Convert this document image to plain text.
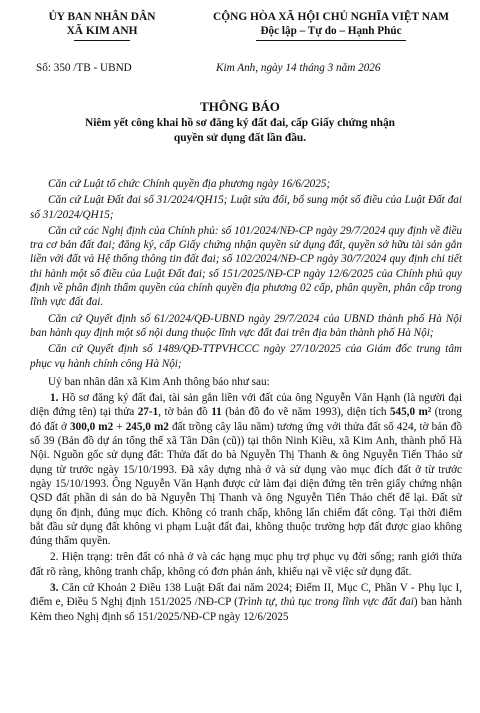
ỦY BAN NHÂN DÂN
XÃ KIM ANH
CỘNG HÒA XÃ HỘI CHỦ NGHĨA VIỆT NAM
Độc lập – Tự do – Hạnh Phúc
Số: 350 /TB - UBND	Kim Anh, ngày 14 tháng 3 năm 2026
THÔNG BÁO
Niêm yết công khai hồ sơ đăng ký đất đai, cấp Giấy chứng nhận
quyền sử dụng đất lần đầu.

Căn cứ Luật tổ chức Chính quyền địa phương ngày 16/6/2025;

Căn cứ Luật Đất đai số 31/2024/QH15; Luật sửa đổi, bổ sung một số điều của Luật Đất đai số 31/2024/QH15;

Căn cứ các Nghị định của Chính phủ: số 101/2024/NĐ-CP ngày 29/7/2024 quy định về điều tra cơ bản đất đai; đăng ký, cấp Giấy chứng nhận quyền sử dụng đất, quyền sở hữu tài sản gắn liền với đất và Hệ thống thông tin đất đai; số 102/2024/NĐ-CP ngày 30/7/2024 quy định chi tiết thi hành một số điều của Luật Đất đai; số 151/2025/NĐ-CP ngày 12/6/2025 của Chính phủ quy định về phân định thẩm quyền của chính quyền địa phương 02 cấp, phân quyền, phân cấp trong lĩnh vực đất đai.

Căn cứ Quyết định số 61/2024/QĐ-UBND ngày 29/7/2024 của UBND thành phố Hà Nội ban hành quy định một số nội dung thuộc lĩnh vực đất đai trên địa bàn thành phố Hà Nội;

Căn cứ Quyết định số 1489/QĐ-TTPVHCCC ngày 27/10/2025 của Giám đốc trung tâm phục vụ hành chính công Hà Nội;

Uỷ ban nhân dân xã Kim Anh thông báo như sau:

1. Hồ sơ đăng ký đất đai, tài sản gắn liền với đất của ông Nguyễn Văn Hạnh (là người đại diện đứng tên) tại thửa 27-1, tờ bản đồ 11 (bản đồ đo vẽ năm 1993), diện tích 545,0 m² (trong đó đất ở 300,0 m2 + 245,0 m2 đất trồng cây lâu năm) tương ứng với thửa đất số 424, tờ bản đồ số 39 (Bản đồ dự án tổng thể xã Tân Dân (cũ)) tại thôn Ninh Kiều, xã Kim Anh, thành phố Hà Nội. Nguồn gốc sử dụng đất: Thửa đất do bà Nguyễn Thị Thanh & ông Nguyễn Tiến Thảo sử dụng từ trước ngày 15/10/1993. Đã xây dựng nhà ở và sử dụng vào mục đích đất ở từ trước ngày 15/10/1993. Ông Nguyễn Văn Hạnh được cử làm đại diện đứng tên trên giấy chứng nhận QSD đất phần di sản do bà Nguyễn Thị Thanh và ông Nguyễn Tiến Thảo chết để lại. Đất sử dụng ổn định, đúng mục đích. Không có tranh chấp, không lấn chiếm đất công. Tại thời điểm bắt đầu sử dụng đất không vi phạm Luật đất đai, không thuộc trường hợp đất được giao không đúng thẩm quyền.

2. Hiện trạng: trên đất có nhà ở và các hạng mục phụ trợ phục vụ đời sống; ranh giới thửa đất rõ ràng, không tranh chấp, không có đơn phản ánh, khiếu nại về việc sử dụng đất.

3. Căn cứ Khoản 2 Điều 138 Luật Đất đai năm 2024; Điểm II, Mục C, Phần V - Phụ lục I, điểm e, Điều 5 Nghị định 151/2025 /NĐ-CP (Trình tự, thủ tục trong lĩnh vực đất đai) ban hành Kèm theo Nghị định số 151/2025/NĐ-CP ngày 12/6/2025
